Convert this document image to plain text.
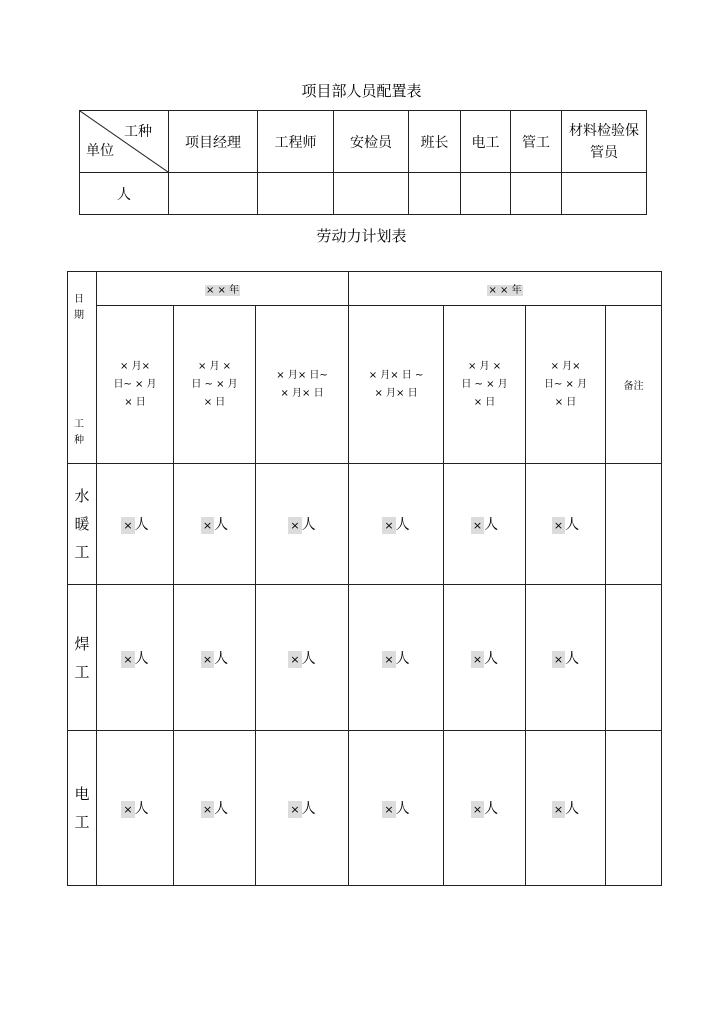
项目部人员配置表
工种
单位	项目经理	工程师	安检员	班长	电工	管工	材料检验保管员
人							
劳动力计划表
日期
工种	× × 年			× × 年			
	× 月×
日~ × 月
× 日	× 月 ×
日 ~ × 月
× 日	× 月× 日~
× 月× 日	× 月× 日 ~
× 月× 日	× 月 ×
日 ~ × 月
× 日	× 月×
日~ × 月
× 日	备注
水暖工	× 人	× 人	× 人	× 人	× 人	× 人	
焊工	× 人	× 人	× 人	× 人	× 人	× 人	
电工	× 人	× 人	× 人	× 人	× 人	× 人	
